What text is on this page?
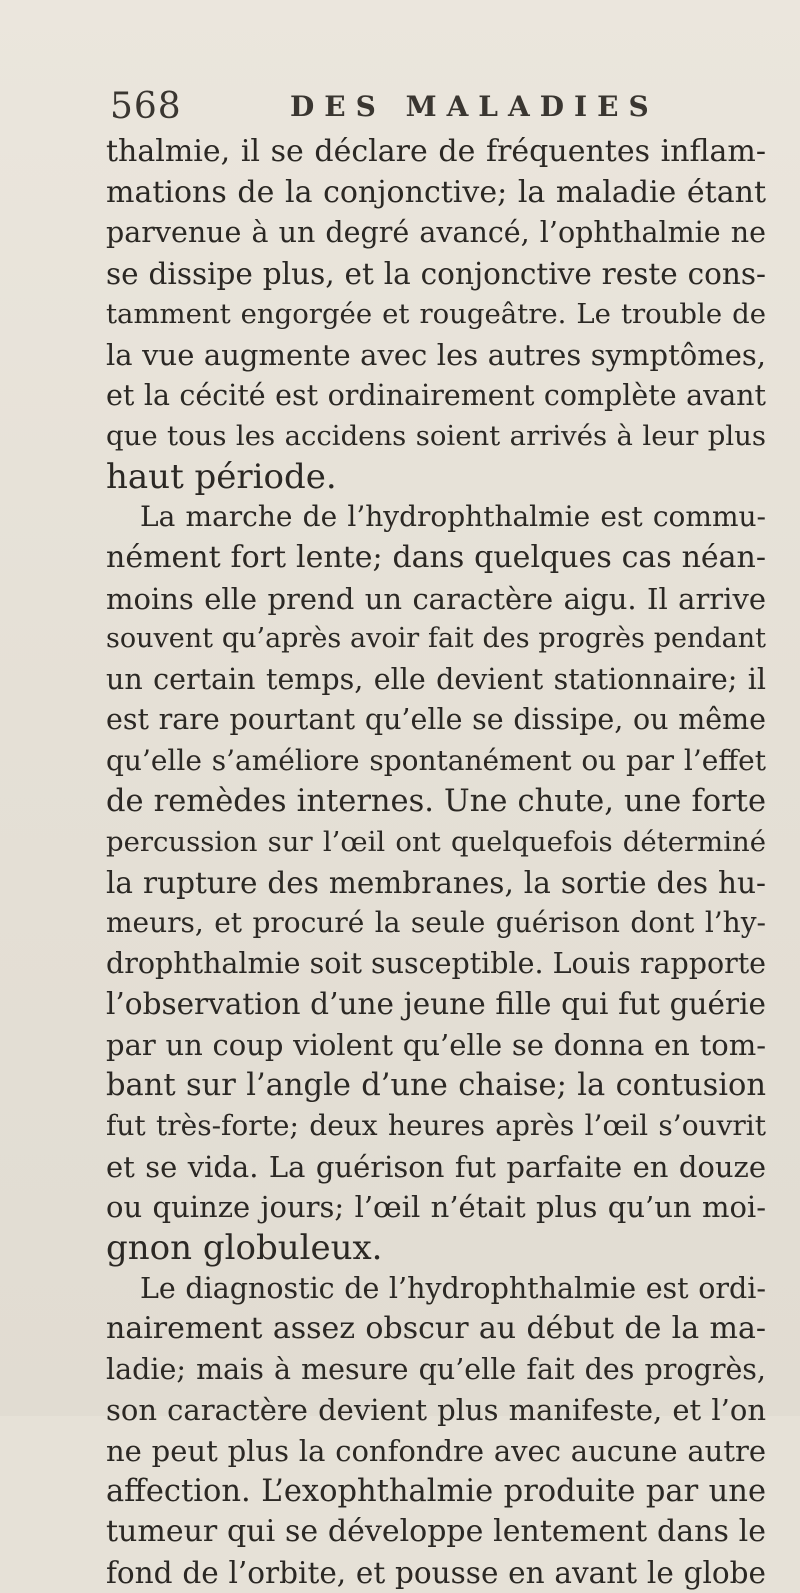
568	DES MALADIES
thalmie, il se déclare de fréquentes inflam-
mations de la conjonctive; la maladie étant
parvenue à un degré avancé, l’ophthalmie ne
se dissipe plus, et la conjonctive reste cons-
tamment engorgée et rougeâtre. Le trouble de
la vue augmente avec les autres symptômes,
et la cécité est ordinairement complète avant
que tous les accidens soient arrivés à leur plus
haut période.
La marche de l’hydrophthalmie est commu-
nément fort lente; dans quelques cas néan-
moins elle prend un caractère aigu. Il arrive
souvent qu’après avoir fait des progrès pendant
un certain temps, elle devient stationnaire; il
est rare pourtant qu’elle se dissipe, ou même
qu’elle s’améliore spontanément ou par l’effet
de remèdes internes. Une chute, une forte
percussion sur l’œil ont quelquefois déterminé
la rupture des membranes, la sortie des hu-
meurs, et procuré la seule guérison dont l’hy-
drophthalmie soit susceptible. Louis rapporte
l’observation d’une jeune fille qui fut guérie
par un coup violent qu’elle se donna en tom-
bant sur l’angle d’une chaise; la contusion
fut très-forte; deux heures après l’œil s’ouvrit
et se vida. La guérison fut parfaite en douze
ou quinze jours; l’œil n’était plus qu’un moi-
gnon globuleux.
Le diagnostic de l’hydrophthalmie est ordi-
nairement assez obscur au début de la ma-
ladie; mais à mesure qu’elle fait des progrès,
son caractère devient plus manifeste, et l’on
ne peut plus la confondre avec aucune autre
affection. L’exophthalmie produite par une
tumeur qui se développe lentement dans le
fond de l’orbite, et pousse en avant le globe
